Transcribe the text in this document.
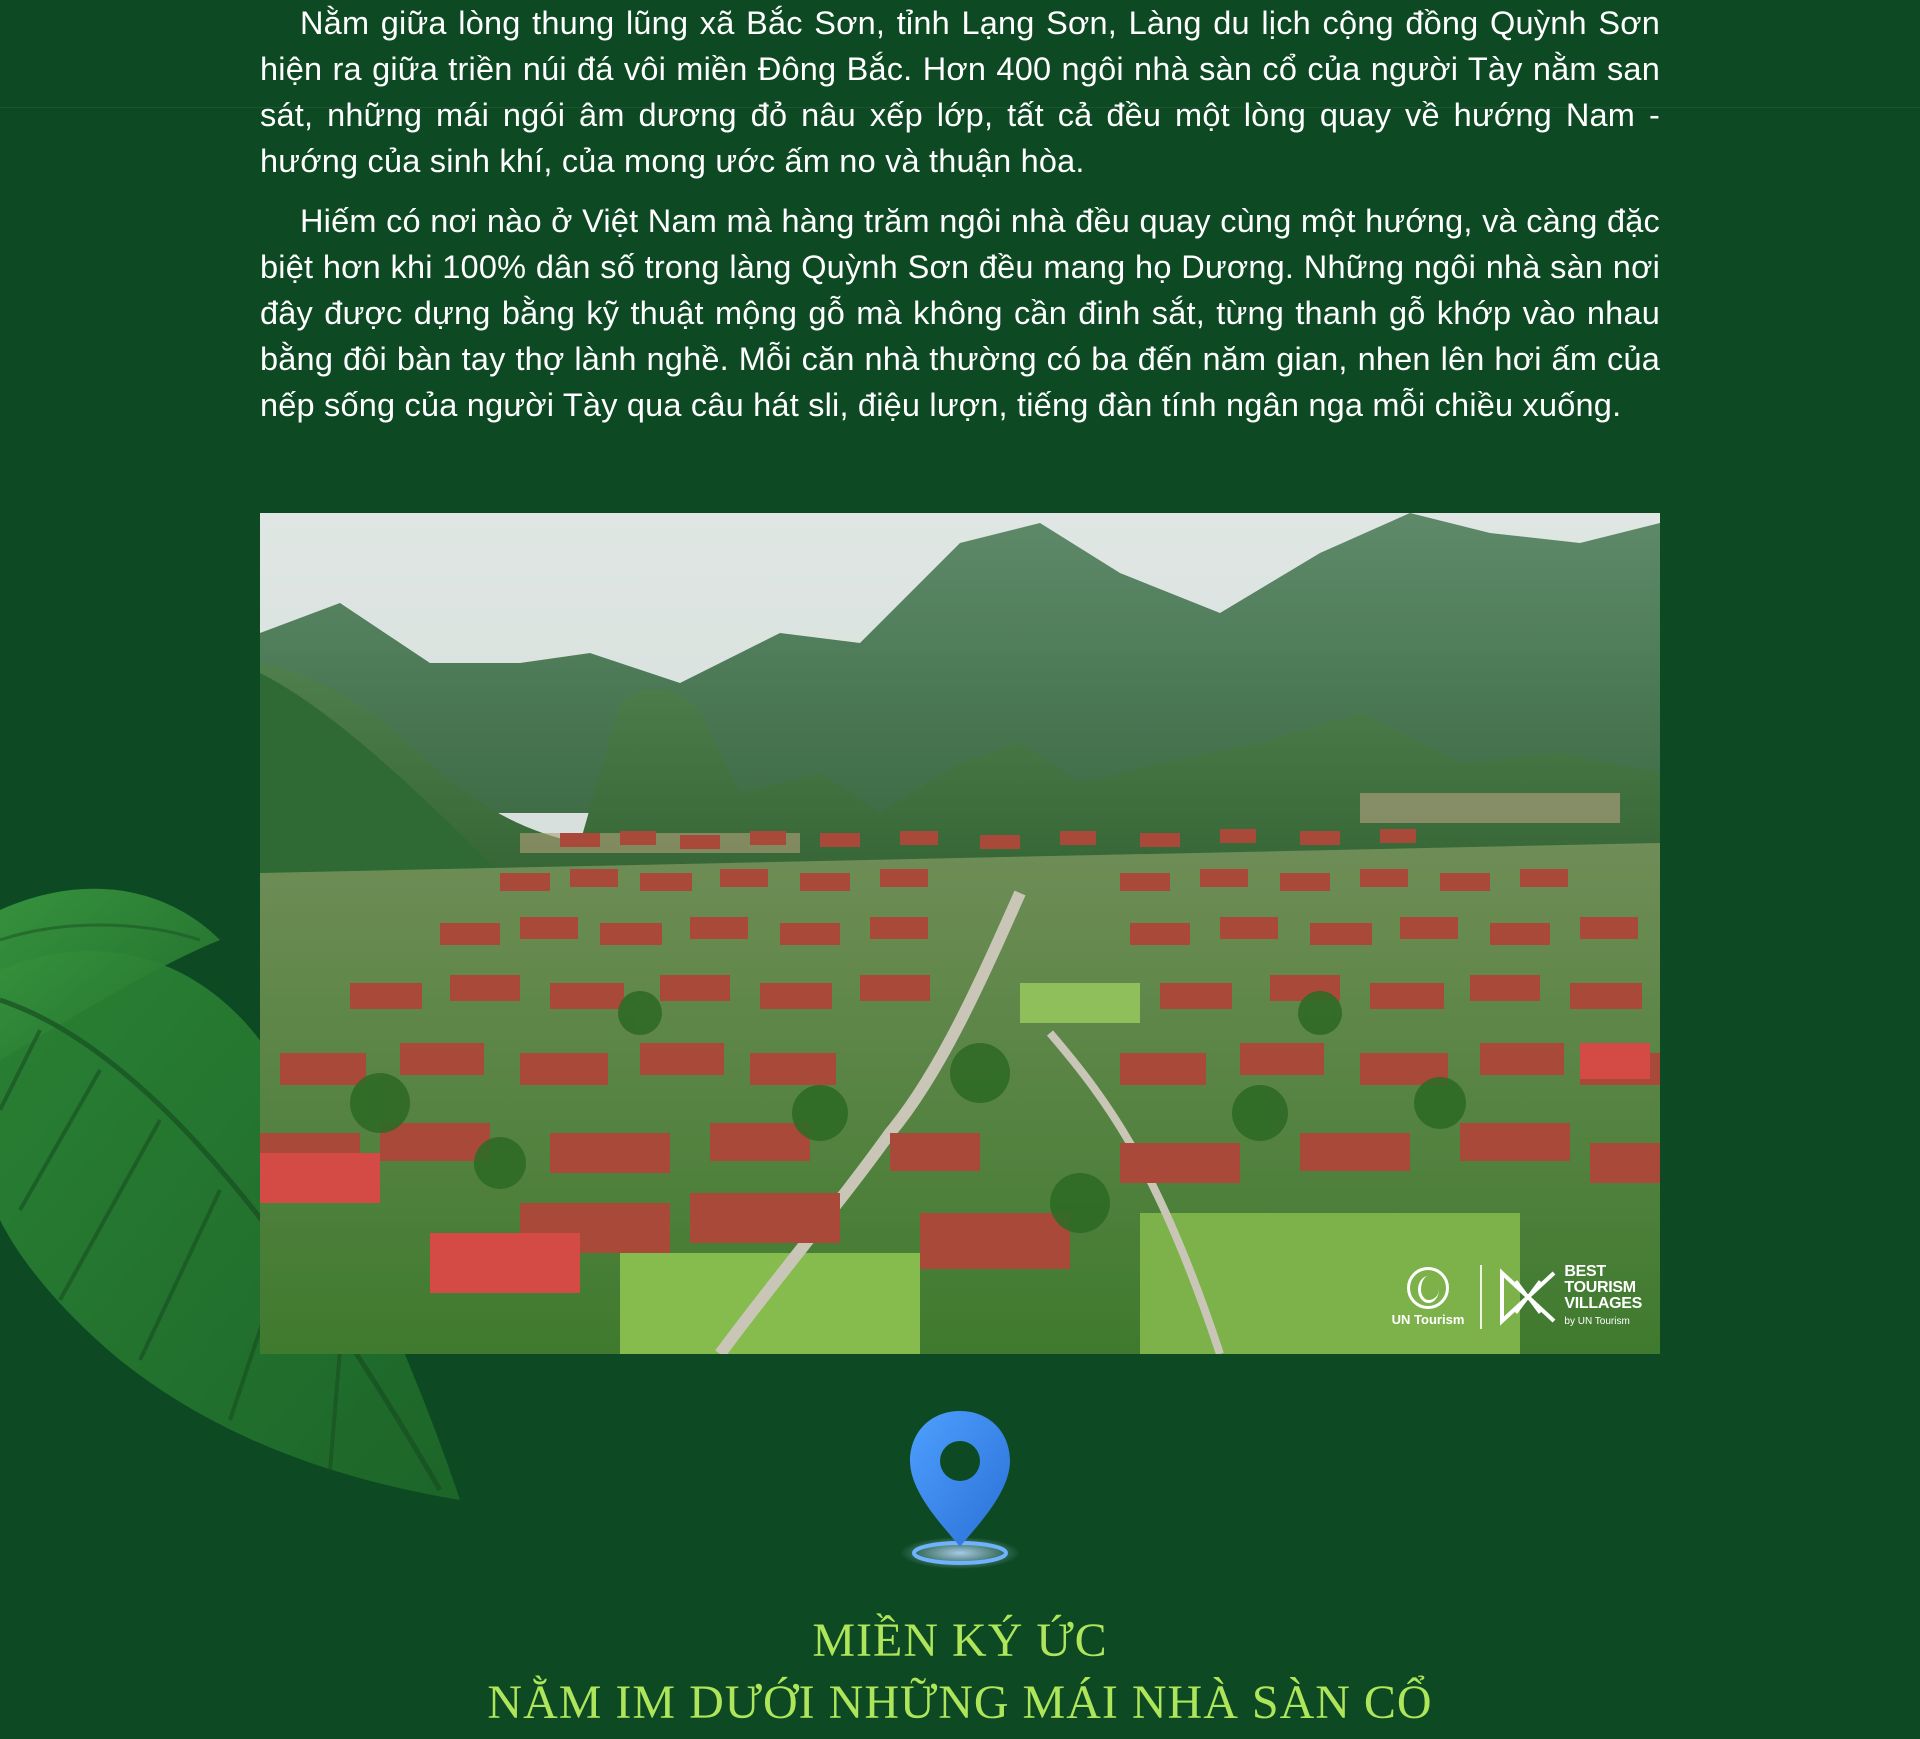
Nằm giữa lòng thung lũng xã Bắc Sơn, tỉnh Lạng Sơn, Làng du lịch cộng đồng Quỳnh Sơn hiện ra giữa triền núi đá vôi miền Đông Bắc. Hơn 400 ngôi nhà sàn cổ của người Tày nằm san sát, những mái ngói âm dương đỏ nâu xếp lớp, tất cả đều một lòng quay về hướng Nam - hướng của sinh khí, của mong ước ấm no và thuận hòa.

Hiếm có nơi nào ở Việt Nam mà hàng trăm ngôi nhà đều quay cùng một hướng, và càng đặc biệt hơn khi 100% dân số trong làng Quỳnh Sơn đều mang họ Dương. Những ngôi nhà sàn nơi đây được dựng bằng kỹ thuật mộng gỗ mà không cần đinh sắt, từng thanh gỗ khớp vào nhau bằng đôi bàn tay thợ lành nghề. Mỗi căn nhà thường có ba đến năm gian, nhen lên hơi ấm của nếp sống của người Tày qua câu hát sli, điệu lượn, tiếng đàn tính ngân nga mỗi chiều xuống.

UN Tourism
BEST
TOURISM
VILLAGES
by UN Tourism
MIỀN KÝ ỨC
NẰM IM DƯỚI NHỮNG MÁI NHÀ SÀN CỔ
